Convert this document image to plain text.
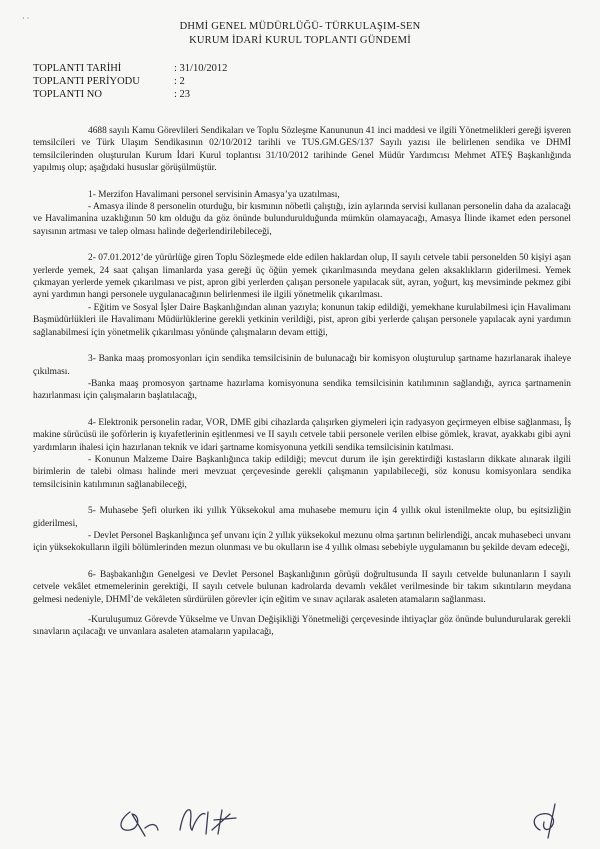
· ·
DHMİ GENEL MÜDÜRLÜĞÜ- TÜRKULAŞIM-SEN
KURUM İDARİ KURUL TOPLANTI GÜNDEMİ
TOPLANTI TARİHİ	: 31/10/2012
TOPLANTI PERİYODU	: 2
TOPLANTI NO	: 23

4688 sayılı Kamu Görevlileri Sendikaları ve Toplu Sözleşme Kanununun 41 inci maddesi ve ilgili Yönetmelikleri gereği işveren temsilcileri ve Türk Ulaşım Sendikasının 02/10/2012 tarihli ve TUS.GM.GES/137 Sayılı yazısı ile belirlenen sendika ve DHMİ temsilcilerinden oluşturulan Kurum İdari Kurul toplantısı 31/10/2012 tarihinde Genel Müdür Yardımcısı Mehmet ATEŞ Başkanlığında yapılmış olup; aşağıdaki hususlar görüşülmüştür.

1- Merzifon Havalimani personel servisinin Amasya’ya uzatılması,

- Amasya ilinde 8 personelin oturduğu, bir kısmının nöbetli çalıştığı, izin aylarında servisi kullanan personelin daha da azalacağı ve Havalimani̇na uzaklığının 50 km olduğu da göz önünde bulundurulduğunda mümkün olamayacağı, Amasya İlinde ikamet eden personel sayısının artması ve talep olması halinde değerlendirilebileceği,

2- 07.01.2012’de yürürlüğe giren Toplu Sözleşmede elde edilen haklardan olup, II sayılı cetvele tabii personelden 50 kişiyi aşan yerlerde yemek, 24 saat çalışan limanlarda yasa gereği üç öğün yemek çıkarılmasında meydana gelen aksaklıkların giderilmesi. Yemek çıkmayan yerlerde yemek çıkarılması ve pist, apron gibi yerlerden çalışan personele yapılacak süt, ayran, yoğurt, kış mevsiminde pekmez gibi ayni yardımın hangi personele uygulanacağının belirlenmesi ile ilgili yönetmelik çıkarılması.

- Eğitim ve Sosyal İşler Daire Başkanlığından alınan yazıyla; konunun takip edildiği, yemekhane kurulabilmesi için Havalimanı Başmüdürlükleri ile Havalimanı Müdürlüklerine gerekli yetkinin verildiği, pist, apron gibi yerlerde çalışan personele yapılacak ayni yardımın sağlanabilmesi için yönetmelik çıkarılması yönünde çalışmaların devam ettiği,

3- Banka maaş promosyonları için sendika temsilcisinin de bulunacağı bir komisyon oluşturulup şartname hazırlanarak ihaleye çıkılması.

-Banka maaş promosyon şartname hazırlama komisyonuna sendika temsilcisinin katılımının sağlandığı, ayrıca şartnamenin hazırlanması için çalışmaların başlatılacağı,

4- Elektronik personelin radar, VOR, DME gibi cihazlarda çalışırken giymeleri için radyasyon geçirmeyen elbise sağlanması, İş makine sürücüsü ile şoförlerin iş kıyafetlerinin eşitlenmesi ve II sayılı cetvele tabii personele verilen elbise gömlek, kravat, ayakkabı gibi ayni yardımların ihalesi için hazırlanan teknik ve idari şartname komisyonuna yetkili sendika temsilcisinin katılması.

- Konunun Malzeme Daire Başkanlığınca takip edildiği; mevcut durum ile işin gerektirdiği kıstasların dikkate alınarak ilgili birimlerin de talebi olması halinde meri mevzuat çerçevesinde gerekli çalışmanın yapılabileceği, söz konusu komisyonlara sendika temsilcisinin katılımının sağlanabileceği,

5- Muhasebe Şefi olurken iki yıllık Yüksekokul ama muhasebe memuru için 4 yıllık okul istenilmekte olup, bu eşitsizliğin giderilmesi,

- Devlet Personel Başkanlığınca şef unvanı için 2 yıllık yüksekokul mezunu olma şartının belirlendiği, ancak muhasebeci unvanı için yüksekokulların ilgili bölümlerinden mezun olunması ve bu okulların ise 4 yıllık olması sebebiyle uygulamanın bu şekilde devam edeceği,

6- Başbakanlığın Genelgesi ve Devlet Personel Başkanlığının görüşü doğrultusunda II sayılı cetvelde bulunanların I sayılı cetvele vekâlet etmemelerinin gerektiği, II sayılı cetvele bulunan kadrolarda devamlı vekâlet verilmesinde bir takım sıkıntıların meydana gelmesi nedeniyle, DHMİ’de vekâleten sürdürülen görevler için eğitim ve sınav açılarak asaleten atamaların sağlanması.

-Kuruluşumuz Görevde Yükselme ve Unvan Değişikliği Yönetmeliği çerçevesinde ihtiyaçlar göz önünde bulundurularak gerekli sınavların açılacağı ve unvanlara asaleten atamaların yapılacağı,
